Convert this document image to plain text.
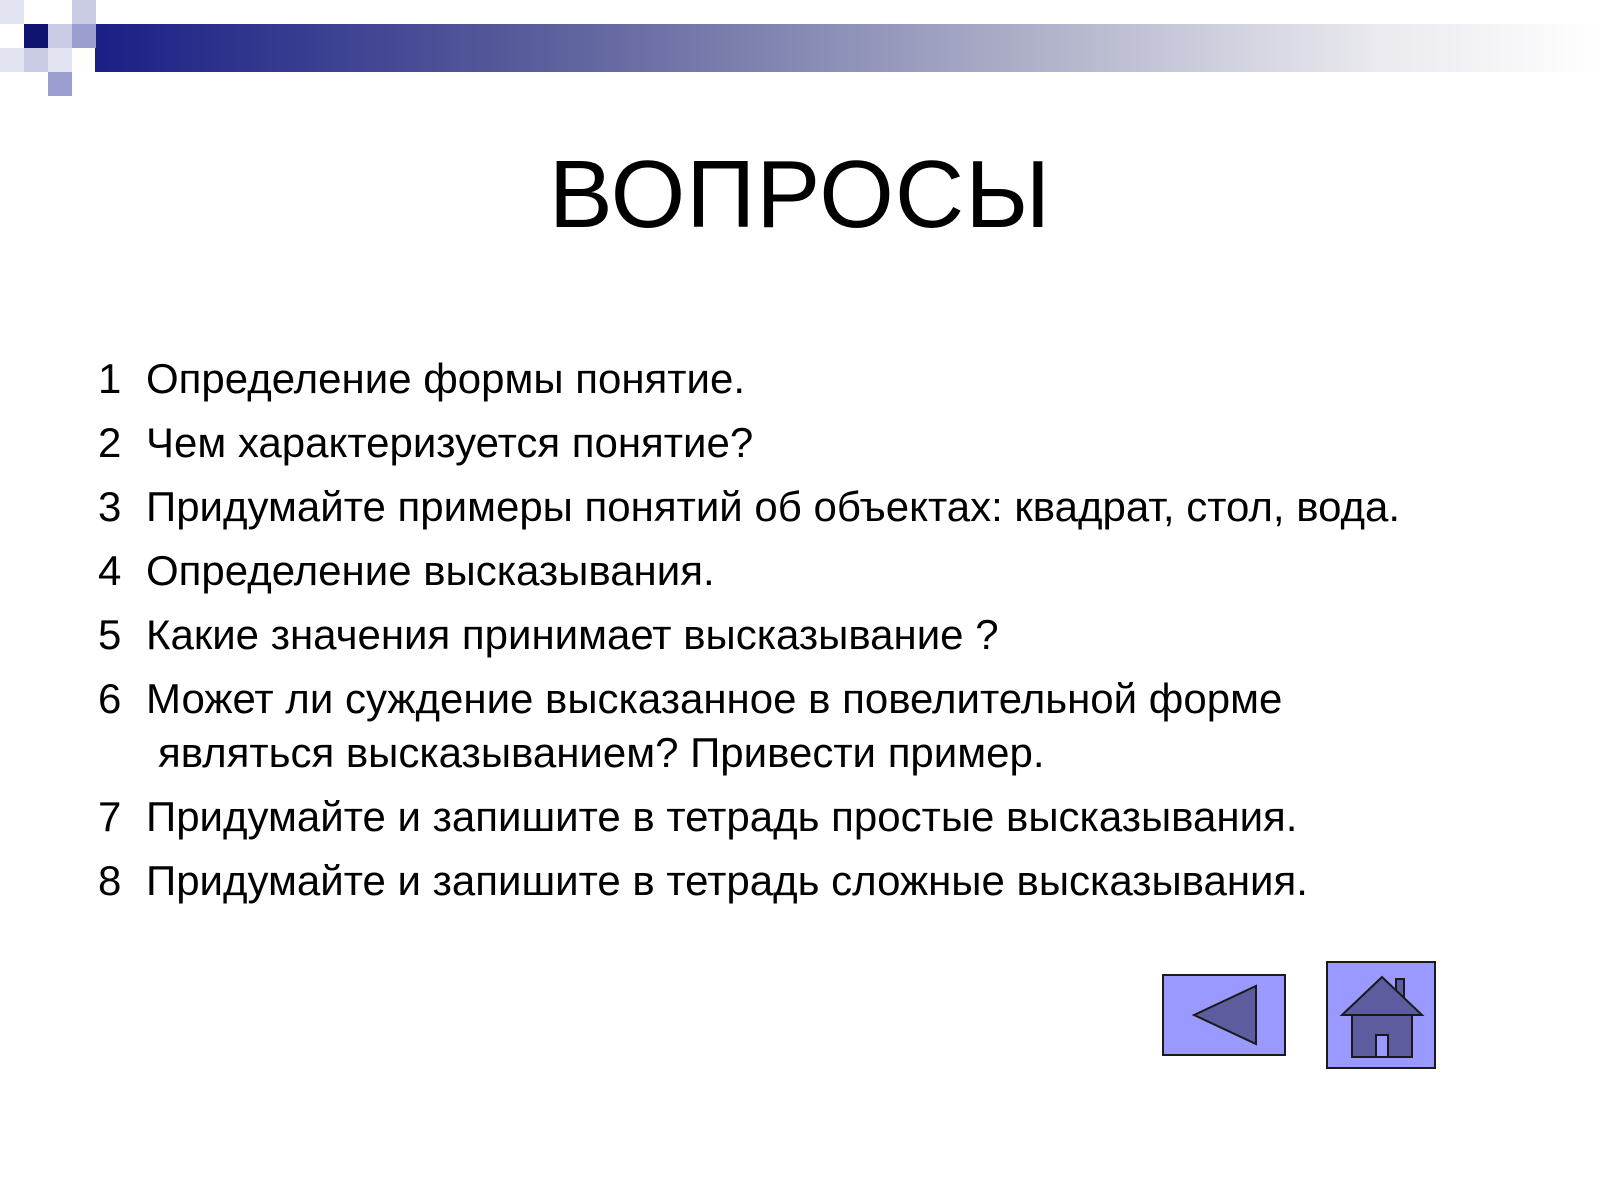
ВОПРОСЫ
1 Определение формы понятие.
2 Чем характеризуется понятие?
3 Придумайте примеры понятий об объектах: квадрат, стол, вода.
4 Определение высказывания.
5 Какие значения принимает высказывание ?
6 Может ли суждение высказанное в повелительной форме
являться высказыванием? Привести пример.
7 Придумайте и запишите в тетрадь простые высказывания.
8 Придумайте и запишите в тетрадь сложные высказывания.
